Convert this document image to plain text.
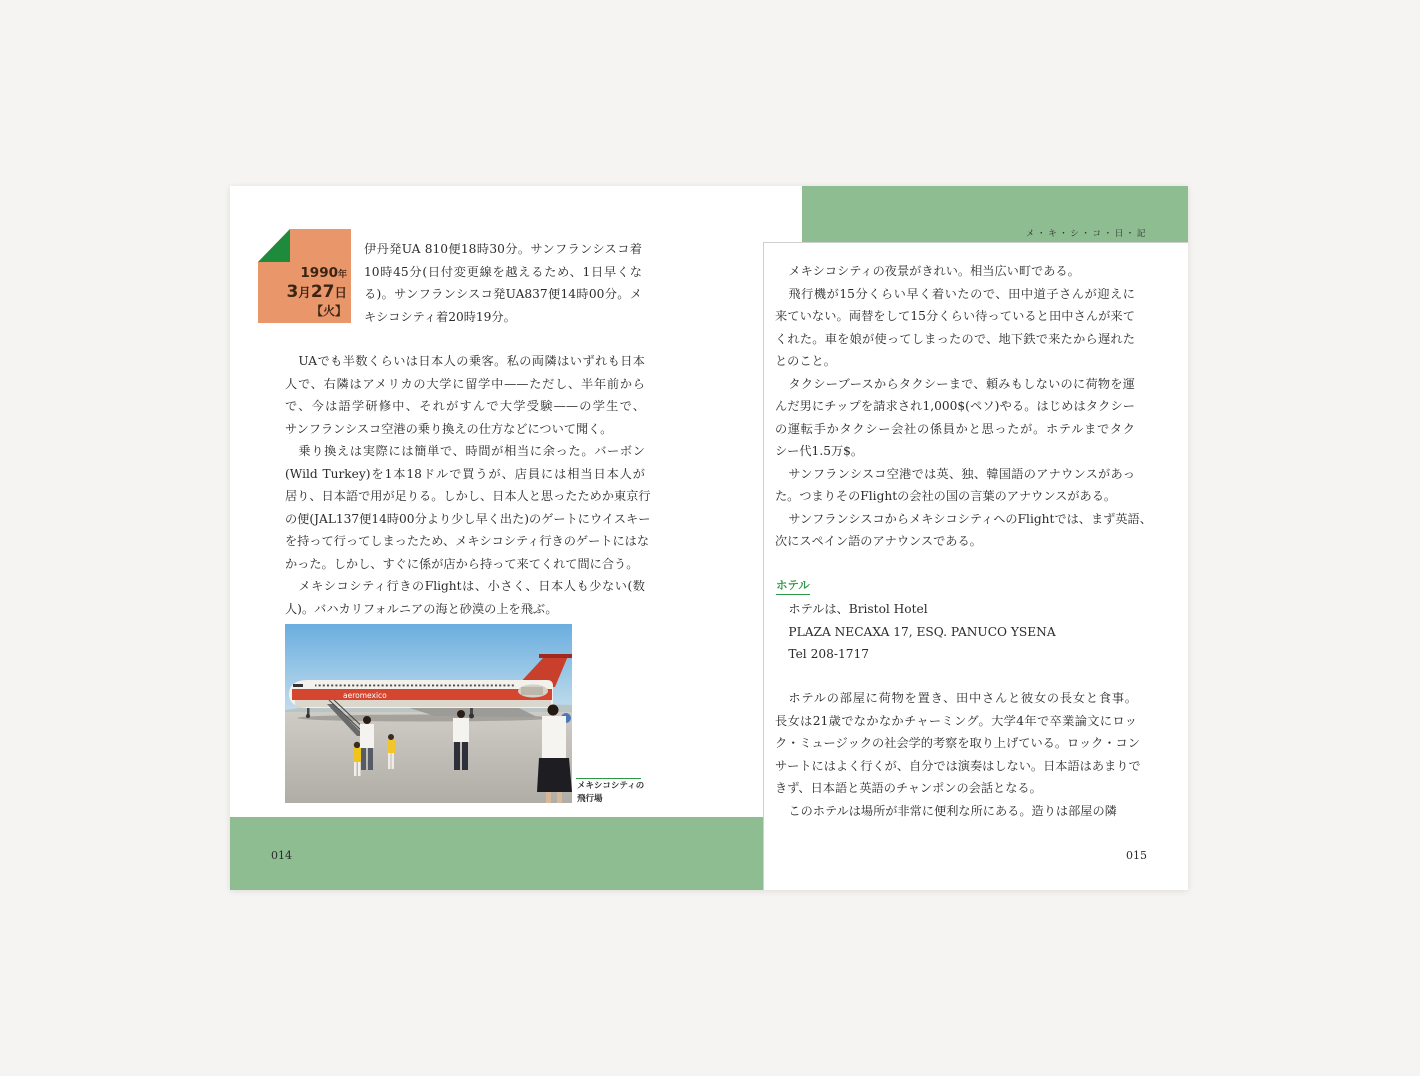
メ・キ・シ・コ・日・記
1990年
3月27日
【火】
伊丹発UA 810便18時30分。サンフランシスコ着
10時45分(日付変更線を越えるため、1日早くな
る)。サンフランシスコ発UA837便14時00分。メ
キシコシティ着20時19分。
UAでも半数くらいは日本人の乗客。私の両隣はいずれも日本
人で、右隣はアメリカの大学に留学中——ただし、半年前から
で、今は語学研修中、それがすんで大学受験——の学生で、
サンフランシスコ空港の乗り換えの仕方などについて聞く。
乗り換えは実際には簡単で、時間が相当に余った。バーボン
(Wild Turkey)を1本18ドルで買うが、店員には相当日本人が
居り、日本語で用が足りる。しかし、日本人と思ったためか東京行
の便(JAL137便14時00分より少し早く出た)のゲートにウイスキー
を持って行ってしまったため、メキシコシティ行きのゲートにはな
かった。しかし、すぐに係が店から持って来てくれて間に合う。
メキシコシティ行きのFlightは、小さく、日本人も少ない(数
人)。バハカリフォルニアの海と砂漠の上を飛ぶ。
aeromexico
メキシコシティの
飛行場
014
メキシコシティの夜景がきれい。相当広い町である。
飛行機が15分くらい早く着いたので、田中道子さんが迎えに
来ていない。両替をして15分くらい待っていると田中さんが来て
くれた。車を娘が使ってしまったので、地下鉄で来たから遅れた
とのこと。
タクシーブースからタクシーまで、頼みもしないのに荷物を運
んだ男にチップを請求され1,000$(ペソ)やる。はじめはタクシー
の運転手かタクシー会社の係員かと思ったが。ホテルまでタク
シー代1.5万$。
サンフランシスコ空港では英、独、韓国語のアナウンスがあっ
た。つまりそのFlightの会社の国の言葉のアナウンスがある。
サンフランシスコからメキシコシティへのFlightでは、まず英語、
次にスペイン語のアナウンスである。
ホテル
ホテルは、Bristol Hotel
PLAZA NECAXA 17, ESQ. PANUCO YSENA
Tel 208-1717
ホテルの部屋に荷物を置き、田中さんと彼女の長女と食事。
長女は21歳でなかなかチャーミング。大学4年で卒業論文にロッ
ク・ミュージックの社会学的考察を取り上げている。ロック・コン
サートにはよく行くが、自分では演奏はしない。日本語はあまりで
きず、日本語と英語のチャンポンの会話となる。
このホテルは場所が非常に便利な所にある。造りは部屋の隣
015
